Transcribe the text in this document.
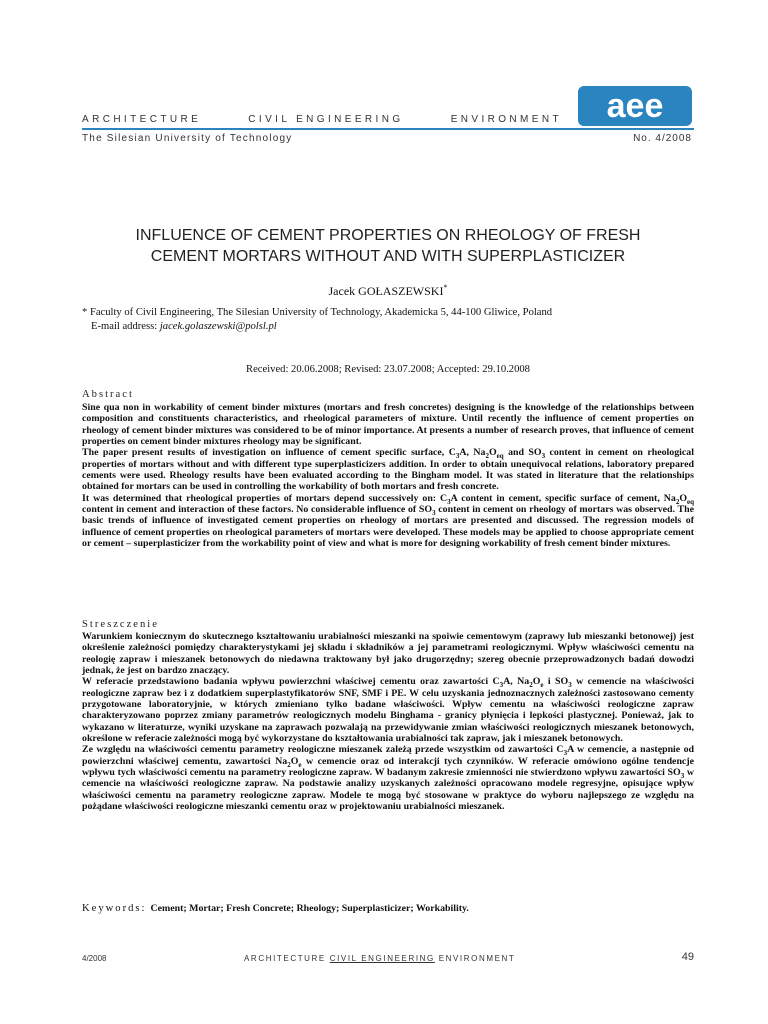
ARCHITECTURE	CIVIL ENGINEERING	ENVIRONMENT aee
The Silesian University of Technology	No. 4/2008
INFLUENCE OF CEMENT PROPERTIES ON RHEOLOGY OF FRESH
CEMENT MORTARS WITHOUT AND WITH SUPERPLASTICIZER
Jacek GOŁASZEWSKI*
* Faculty of Civil Engineering, The Silesian University of Technology, Akademicka 5, 44-100 Gliwice, Poland
E-mail address: jacek.golaszewski@polsl.pl
Received: 20.06.2008; Revised: 23.07.2008; Accepted: 29.10.2008
Abstract

Sine qua non in workability of cement binder mixtures (mortars and fresh concretes) designing is the knowledge of the relationships between composition and constituents characteristics, and rheological parameters of mixture. Until recently the influence of cement properties on rheology of cement binder mixtures was considered to be of minor importance. At presents a number of research proves, that influence of cement properties on cement binder mixtures rheology may be significant.

The paper present results of investigation on influence of cement specific surface, $C_3A$, $Na_2O_{eq}$ and $SO_3$ content in cement on rheological properties of mortars without and with different type superplasticizers addition. In order to obtain unequivocal relations, laboratory prepared cements were used. Rheology results have been evaluated according to the Bingham model. It was stated in literature that the relationships obtained for mortars can be used in controlling the workability of both mortars and fresh concrete.

It was determined that rheological properties of mortars depend successively on: $C_3A$ content in cement, specific surface of cement, $Na_2O_{eq}$ content in cement and interaction of these factors. No considerable influence of $SO_3$ content in cement on rheology of mortars was observed. The basic trends of influence of investigated cement properties on rheology of mortars are presented and discussed. The regression models of influence of cement properties on rheological parameters of mortars were developed. These models may be applied to choose appropriate cement or cement – superplasticizer from the workability point of view and what is more for designing workability of fresh cement binder mixtures.

Streszczenie

Warunkiem koniecznym do skutecznego kształtowaniu urabialności mieszanki na spoiwie cementowym (zaprawy lub mieszanki betonowej) jest określenie zależności pomiędzy charakterystykami jej składu i składników a jej parametrami reologicznymi. Wpływ właściwości cementu na reologię zapraw i mieszanek betonowych do niedawna traktowany był jako drugorzędny; szereg obecnie przeprowadzonych badań dowodzi jednak, że jest on bardzo znaczący.

W referacie przedstawiono badania wpływu powierzchni właściwej cementu oraz zawartości $C_3A$, $Na_2O_e$ i $SO_3$ w cemencie na właściwości reologiczne zapraw bez i z dodatkiem superplastyfikatorów SNF, SMF i PE. W celu uzyskania jednoznacznych zależności zastosowano cementy przygotowane laboratoryjnie, w których zmieniano tylko badane właściwości. Wpływ cementu na właściwości reologiczne zapraw charakteryzowano poprzez zmiany parametrów reologicznych modelu Binghama - granicy płynięcia i lepkości plastycznej. Ponieważ, jak to wykazano w literaturze, wyniki uzyskane na zaprawach pozwalają na przewidywanie zmian właściwości reologicznych mieszanek betonowych, określone w referacie zależności mogą być wykorzystane do kształtowania urabialności tak zapraw, jak i mieszanek betonowych.

Ze względu na właściwości cementu parametry reologiczne mieszanek zależą przede wszystkim od zawartości $C_3A$ w cemencie, a następnie od powierzchni właściwej cementu, zawartości $Na_2O_e$ w cemencie oraz od interakcji tych czynników. W referacie omówiono ogólne tendencje wpływu tych właściwości cementu na parametry reologiczne zapraw. W badanym zakresie zmienności nie stwierdzono wpływu zawartości $SO_3$ w cemencie na właściwości reologiczne zapraw. Na podstawie analizy uzyskanych zależności opracowano modele regresyjne, opisujące wpływ właściwości cementu na parametry reologiczne zapraw. Modele te mogą być stosowane w praktyce do wyboru najlepszego ze względu na pożądane właściwości reologiczne mieszanki cementu oraz w projektowaniu urabialności mieszanek.

Keywords: Cement; Mortar; Fresh Concrete; Rheology; Superplasticizer; Workability.
4/2008	ARCHITECTURE CIVIL ENGINEERING ENVIRONMENT	49
